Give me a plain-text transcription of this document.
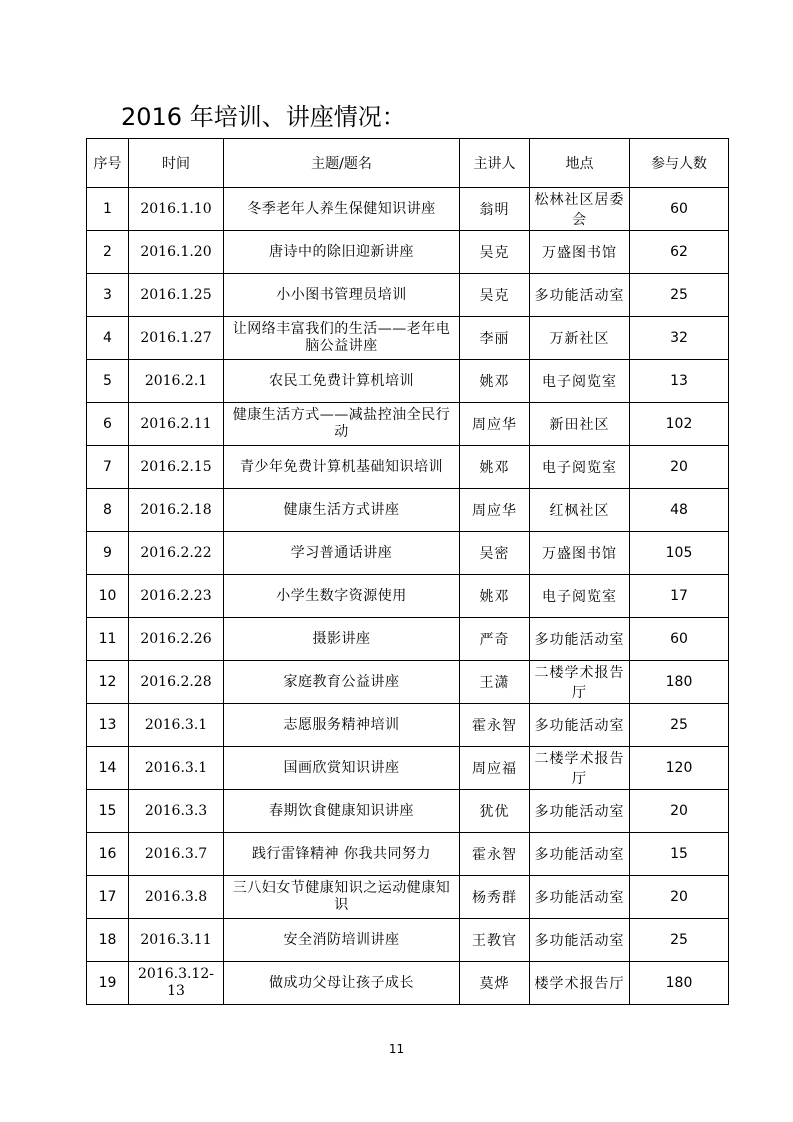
2016 年培训、讲座情况：
序号	时间	主题/题名	主讲人	地点	参与人数
1	2016.1.10	冬季老年人养生保健知识讲座	翁明	松林社区居委会	60
2	2016.1.20	唐诗中的除旧迎新讲座	吴克	万盛图书馆	62
3	2016.1.25	小小图书管理员培训	吴克	多功能活动室	25
4	2016.1.27	让网络丰富我们的生活——老年电脑公益讲座	李丽	万新社区	32
5	2016.2.1	农民工免费计算机培训	姚邓	电子阅览室	13
6	2016.2.11	健康生活方式——减盐控油全民行动	周应华	新田社区	102
7	2016.2.15	青少年免费计算机基础知识培训	姚邓	电子阅览室	20
8	2016.2.18	健康生活方式讲座	周应华	红枫社区	48
9	2016.2.22	学习普通话讲座	吴密	万盛图书馆	105
10	2016.2.23	小学生数字资源使用	姚邓	电子阅览室	17
11	2016.2.26	摄影讲座	严奇	多功能活动室	60
12	2016.2.28	家庭教育公益讲座	王潇	二楼学术报告厅	180
13	2016.3.1	志愿服务精神培训	霍永智	多功能活动室	25
14	2016.3.1	国画欣赏知识讲座	周应福	二楼学术报告厅	120
15	2016.3.3	春期饮食健康知识讲座	犹优	多功能活动室	20
16	2016.3.7	践行雷锋精神 你我共同努力	霍永智	多功能活动室	15
17	2016.3.8	三八妇女节健康知识之运动健康知识	杨秀群	多功能活动室	20
18	2016.3.11	安全消防培训讲座	王教官	多功能活动室	25
19	2016.3.12-13	做成功父母让孩子成长	莫烨	楼学术报告厅	180
11
